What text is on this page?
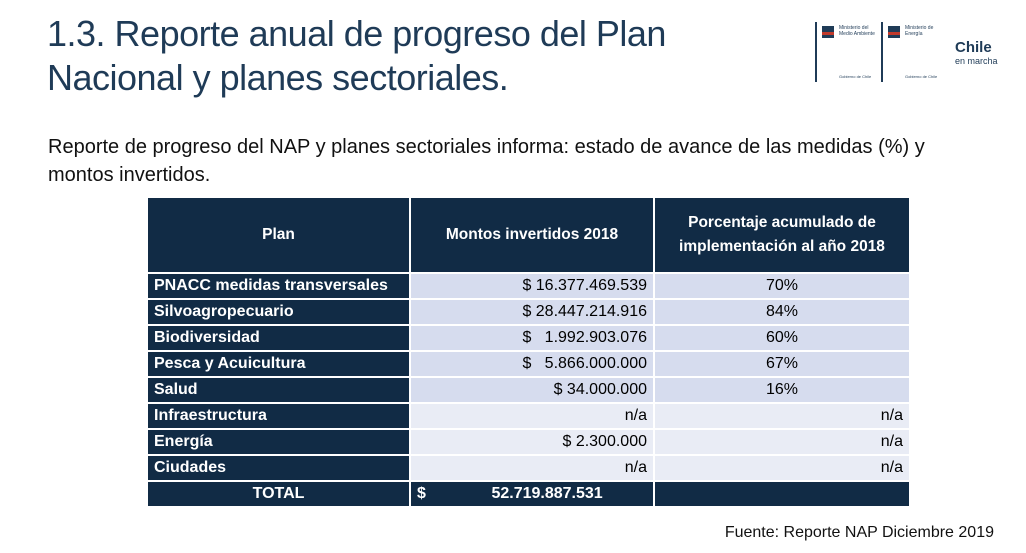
1.3. Reporte anual de progreso del Plan
Nacional y planes sectoriales.
Ministerio del Medio Ambiente
Gobierno de Chile
Ministerio de Energía
Gobierno de Chile
Chile
en marcha

Reporte de progreso del NAP y planes sectoriales informa: estado de avance de las medidas (%) y montos invertidos.

Plan	Montos invertidos 2018	Porcentaje acumulado de
implementación al año 2018
PNACC medidas transversales	$ 16.377.469.539	70%
Silvoagropecuario	$ 28.447.214.916	84%
Biodiversidad	$   1.992.903.076	60%
Pesca y Acuicultura	$   5.866.000.000	67%
Salud	$ 34.000.000	16%
Infraestructura	n/a	n/a
Energía	$ 2.300.000	n/a
Ciudades	n/a	n/a
TOTAL	$ 52.719.887.531	
Fuente: Reporte NAP Diciembre 2019
